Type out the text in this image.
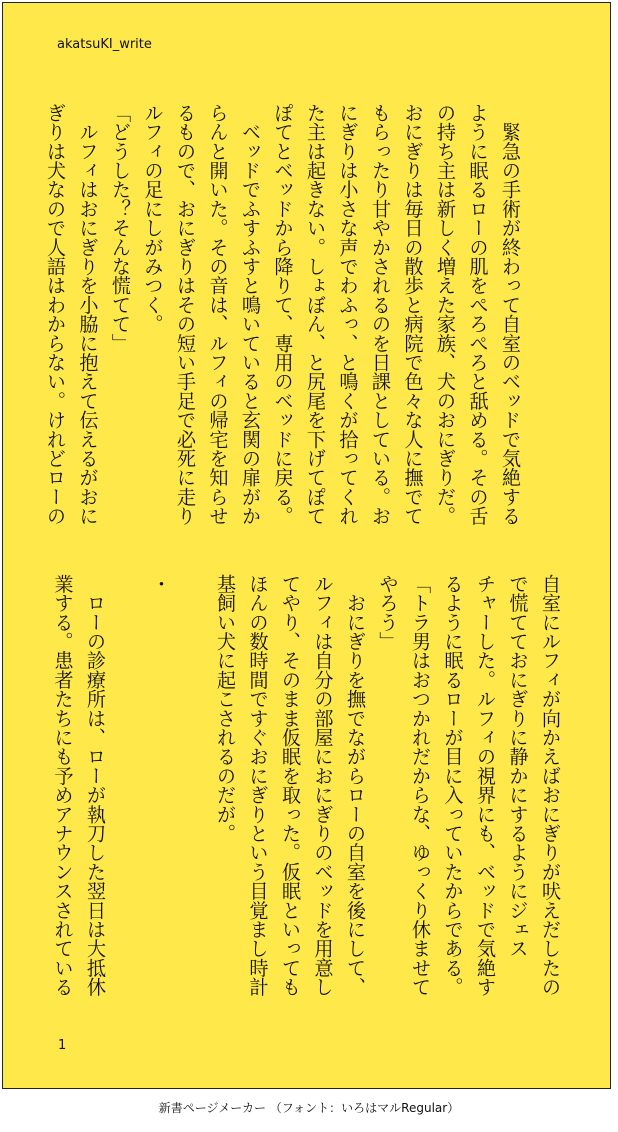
akatsuKI_write

　緊急の手術が終わって自室のベッドで気絶する

ように眠るローの肌をぺろぺろと舐める。その舌

の持ち主は新しく増えた家族、犬のおにぎりだ。

おにぎりは毎日の散歩と病院で色々な人に撫でて

もらったり甘やかされるのを日課としている。お

にぎりは小さな声でわふっ、と鳴くが拾ってくれ

た主は起きない。しょぼん、と尻尾を下げてぽて

ぽてとベッドから降りて、専用のベッドに戻る。

　ベッドでふすふすと鳴いていると玄関の扉がか

らんと開いた。その音は、ルフィの帰宅を知らせ

るもので、おにぎりはその短い手足で必死に走り

ルフィの足にしがみつく。

「どうした？そんな慌てて」

　ルフィはおにぎりを小脇に抱えて伝えるがおに

ぎりは犬なので人語はわからない。けれどローの

自室にルフィが向かえばおにぎりが吠えだしたの

で慌てておにぎりに静かにするようにジェス

チャーした。ルフィの視界にも、ベッドで気絶す

るように眠るローが目に入っていたからである。

「トラ男はおつかれだからな、ゆっくり休ませて

やろう」

　おにぎりを撫でながらローの自室を後にして、

ルフィは自分の部屋におにぎりのベッドを用意し

てやり、そのまま仮眠を取った。仮眠といっても

ほんの数時間ですぐおにぎりという目覚まし時計

基飼い犬に起こされるのだが。

・

　ローの診療所は、ローが執刀した翌日は大抵休

業する。患者たちにも予めアナウンスされている

1
新書ページメーカー （フォント：いろはマルRegular）
